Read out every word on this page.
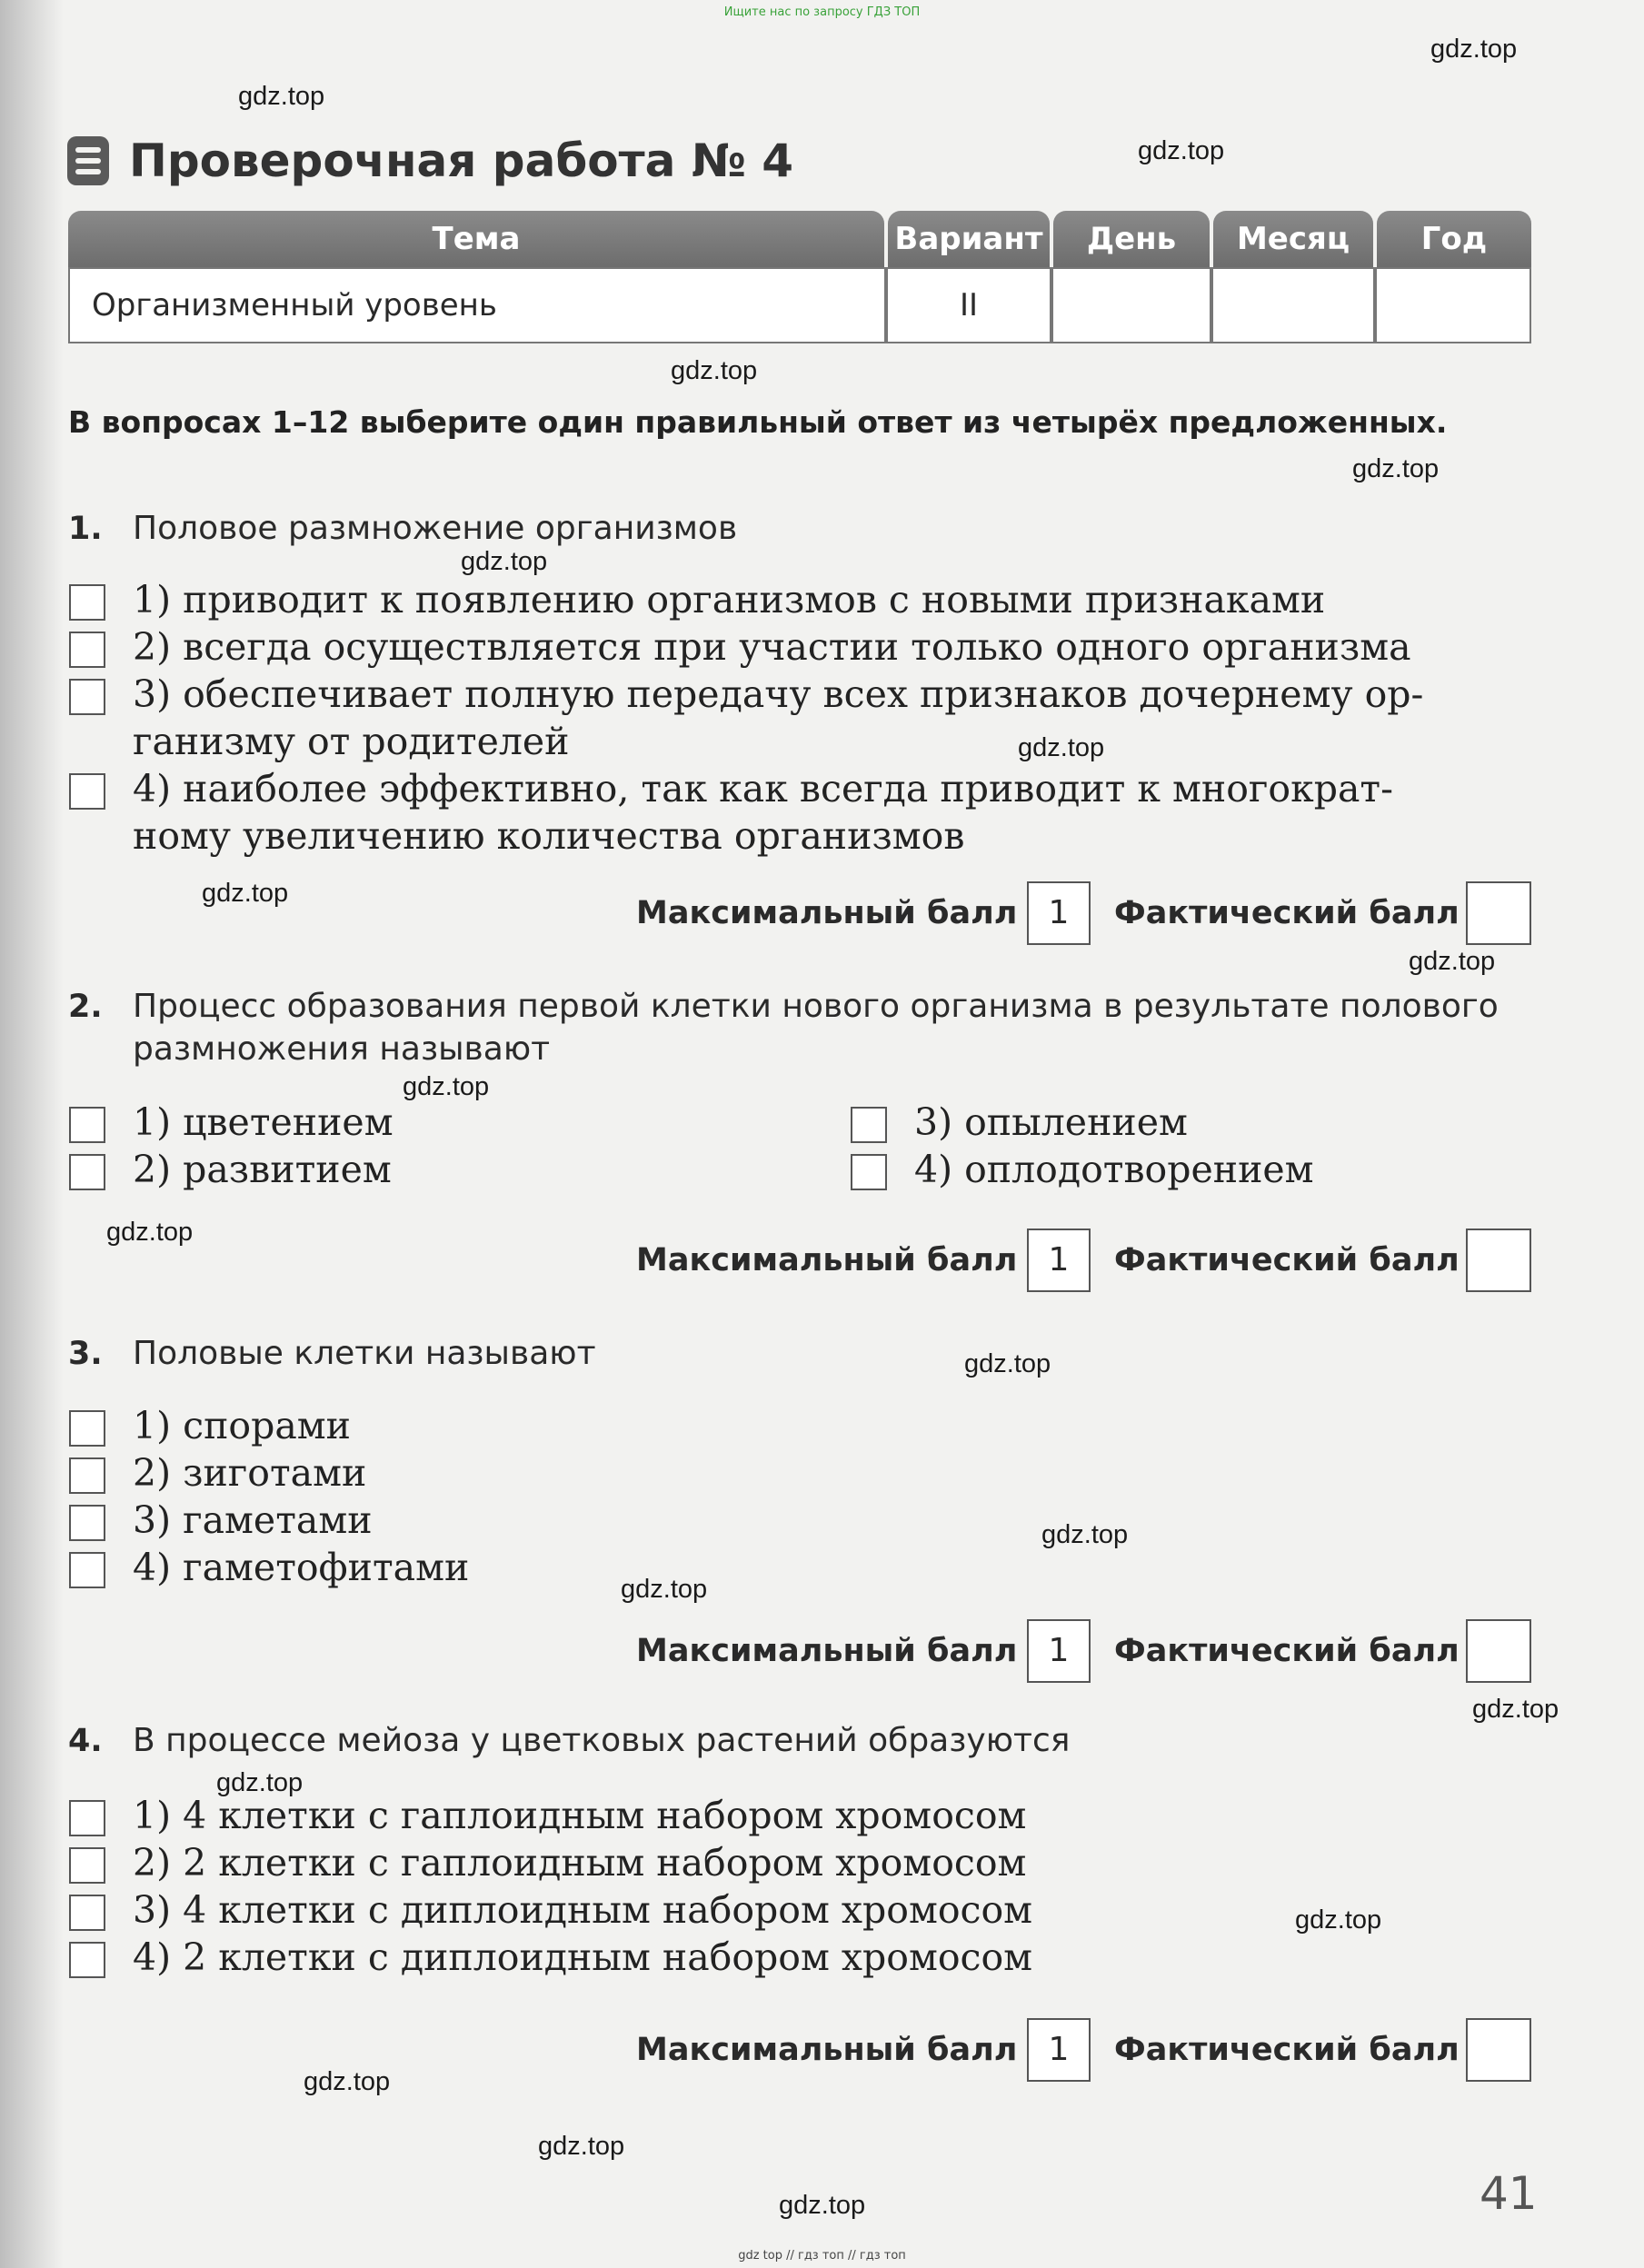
Ищите нас по запросу ГДЗ ТОП
gdz.top
gdz.top
gdz.top
gdz.top
gdz.top
gdz.top
gdz.top
gdz.top
gdz.top
gdz.top
gdz.top
gdz.top
gdz.top
gdz.top
gdz.top
gdz.top
gdz.top
gdz.top
gdz.top
gdz.top
Проверочная работа № 4
Тема	Вариант	День	Месяц	Год
Организменный уровень	II
В вопросах 1–12 выберите один правильный ответ из четырёх предложенных.
1. Половое размножение организмов
1) приводит к появлению организмов с новыми признаками
2) всегда осуществляется при участии только одного организма
3) обеспечивает полную передачу всех признаков дочернему ор-
ганизму от родителей
4) наиболее эффективно, так как всегда приводит к многократ-
ному увеличению количества организмов
Максимальный балл 1	Фактический балл
2. Процесс образования первой клетки нового организма в результате полового
размножения называют
1) цветением
2) развитием
3) опылением
4) оплодотворением
Максимальный балл 1	Фактический балл
3. Половые клетки называют
1) спорами
2) зиготами
3) гаметами
4) гаметофитами
Максимальный балл 1	Фактический балл
4. В процессе мейоза у цветковых растений образуются
1) 4 клетки с гаплоидным набором хромосом
2) 2 клетки с гаплоидным набором хромосом
3) 4 клетки с диплоидным набором хромосом
4) 2 клетки с диплоидным набором хромосом
Максимальный балл 1	Фактический балл
41
gdz top // гдз топ // гдз топ
